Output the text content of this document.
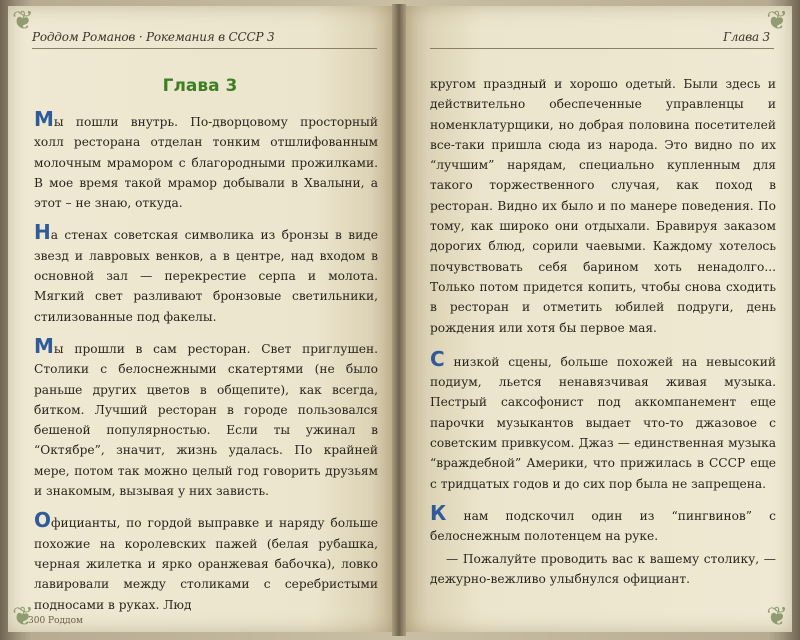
❦
❦
Роддом Романов · Рокемания в СССР 3
Глава 3

Мы пошли внутрь. По-дворцовому просторный холл ресторана отделан тонким отшлифованным молочным мрамором с благородными прожилками. В мое время такой мрамор добывали в Хвалыни, а этот – не знаю, откуда.

На стенах советская символика из бронзы в виде звезд и лавровых венков, а в центре, над входом в основной зал — перекрестие серпа и молота. Мягкий свет разливают бронзовые светильники, стилизованные под факелы.

Мы прошли в сам ресторан. Свет приглушен. Столики с белоснежными скатертями (не было раньше других цветов в общепите), как всегда, битком. Лучший ресторан в городе пользовался бешеной популярностью. Если ты ужинал в “Октябре”, значит, жизнь удалась. По крайней мере, потом так можно целый год говорить друзьям и знакомым, вызывая у них зависть.

Официанты, по гордой выправке и наряду больше похожие на королевских пажей (белая рубашка, черная жилетка и ярко оранжевая бабочка), ловко лавировали между столиками с серебристыми подносами в руках. Люд

300 Роддом
❦
❦
Глава 3

кругом праздный и хорошо одетый. Были здесь и действительно обеспеченные управленцы и номенклатурщики, но добрая половина посетителей все-таки пришла сюда из народа. Это видно по их “лучшим” нарядам, специально купленным для такого торжественного случая, как поход в ресторан. Видно их было и по манере поведения. По тому, как широко они отдыхали. Бравируя заказом дорогих блюд, сорили чаевыми. Каждому хотелось почувствовать себя барином хоть ненадолго... Только потом придется копить, чтобы снова сходить в ресторан и отметить юбилей подруги, день рождения или хотя бы первое мая.

С низкой сцены, больше похожей на невысокий подиум, льется ненавязчивая живая музыка. Пестрый саксофонист под аккомпанемент еще парочки музыкантов выдает что-то джазовое с советским привкусом. Джаз — единственная музыка “враждебной” Америки, что прижилась в СССР еще с тридцатых годов и до сих пор была не запрещена.

К нам подскочил один из “пингвинов” с белоснежным полотенцем на руке.

— Пожалуйте проводить вас к вашему столику, — дежурно-вежливо улыбнулся официант.
